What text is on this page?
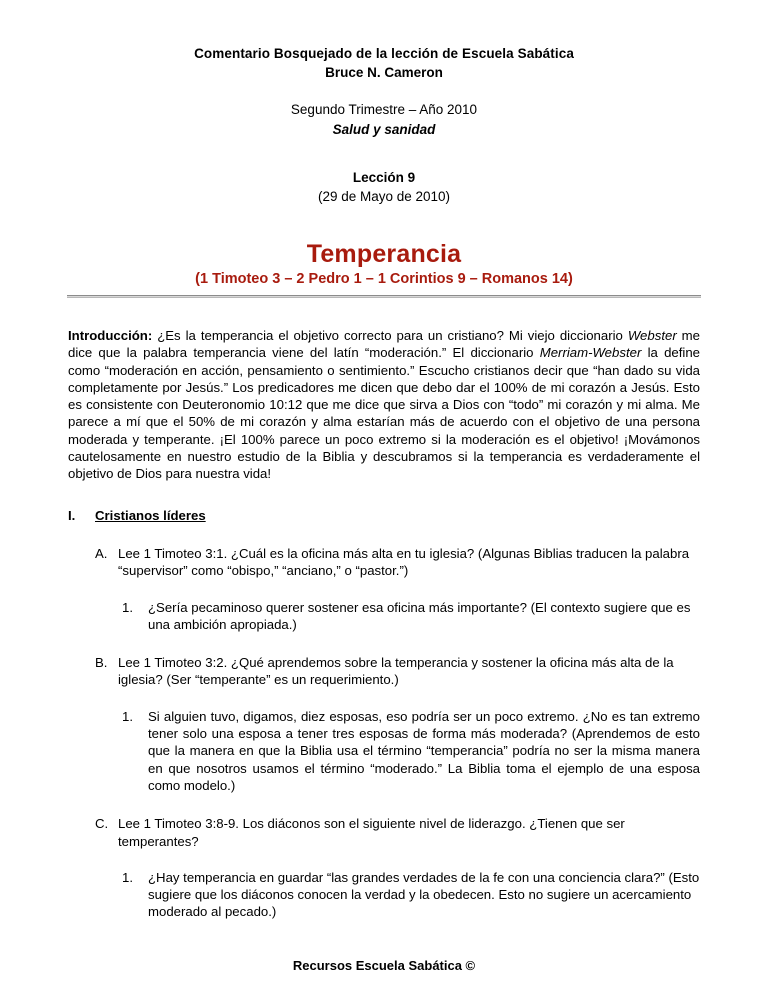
Comentario Bosquejado de la lección de Escuela Sabática
Bruce N. Cameron
Segundo Trimestre – Año 2010
Salud y sanidad
Lección 9
(29 de Mayo de 2010)
Temperancia
(1 Timoteo 3 – 2 Pedro 1 – 1 Corintios 9 – Romanos 14)

Introducción: ¿Es la temperancia el objetivo correcto para un cristiano? Mi viejo diccionario Webster me dice que la palabra temperancia viene del latín “moderación.” El diccionario Merriam-Webster la define como “moderación en acción, pensamiento o sentimiento.” Escucho cristianos decir que “han dado su vida completamente por Jesús.” Los predicadores me dicen que debo dar el 100% de mi corazón a Jesús. Esto es consistente con Deuteronomio 10:12 que me dice que sirva a Dios con “todo” mi corazón y mi alma. Me parece a mí que el 50% de mi corazón y alma estarían más de acuerdo con el objetivo de una persona moderada y temperante. ¡El 100% parece un poco extremo si la moderación es el objetivo! ¡Movámonos cautelosamente en nuestro estudio de la Biblia y descubramos si la temperancia es verdaderamente el objetivo de Dios para nuestra vida!

I.	Cristianos líderes
A. Lee 1 Timoteo 3:1. ¿Cuál es la oficina más alta en tu iglesia? (Algunas Biblias traducen la palabra “supervisor” como “obispo,” “anciano,” o “pastor.”)
1.	¿Sería pecaminoso querer sostener esa oficina más importante? (El contexto sugiere que es una ambición apropiada.)
B. Lee 1 Timoteo 3:2. ¿Qué aprendemos sobre la temperancia y sostener la oficina más alta de la iglesia? (Ser “temperante” es un requerimiento.)
1.	Si alguien tuvo, digamos, diez esposas, eso podría ser un poco extremo. ¿No es tan extremo tener solo una esposa a tener tres esposas de forma más moderada? (Aprendemos de esto que la manera en que la Biblia usa el término “temperancia” podría no ser la misma manera en que nosotros usamos el término “moderado.” La Biblia toma el ejemplo de una esposa como modelo.)
C. Lee 1 Timoteo 3:8-9. Los diáconos son el siguiente nivel de liderazgo. ¿Tienen que ser temperantes?
1.	¿Hay temperancia en guardar “las grandes verdades de la fe con una conciencia clara?” (Esto sugiere que los diáconos conocen la verdad y la obedecen. Esto no sugiere un acercamiento moderado al pecado.)
Recursos Escuela Sabática ©
